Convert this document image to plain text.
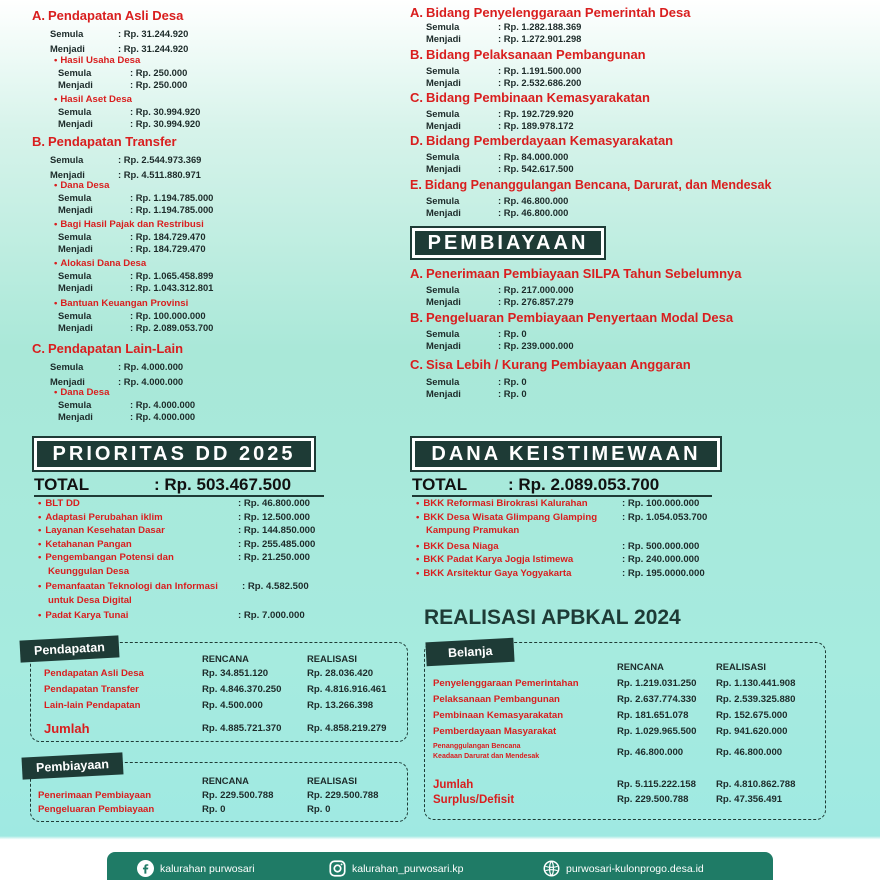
A. Pendapatan Asli Desa
Semula	: Rp. 31.244.920
Menjadi	: Rp. 31.244.920
• Hasil Usaha Desa
Semula	: Rp. 250.000
Menjadi	: Rp. 250.000
• Hasil Aset Desa
Semula	: Rp. 30.994.920
Menjadi	: Rp. 30.994.920
B. Pendapatan Transfer
Semula	: Rp. 2.544.973.369
Menjadi	: Rp. 4.511.880.971
• Dana Desa
Semula	: Rp. 1.194.785.000
Menjadi	: Rp. 1.194.785.000
• Bagi Hasil Pajak dan Restribusi
Semula	: Rp. 184.729.470
Menjadi	: Rp. 184.729.470
• Alokasi Dana Desa
Semula	: Rp. 1.065.458.899
Menjadi	: Rp. 1.043.312.801
• Bantuan Keuangan Provinsi
Semula	: Rp. 100.000.000
Menjadi	: Rp. 2.089.053.700
C. Pendapatan Lain-Lain
Semula	: Rp. 4.000.000
Menjadi	: Rp. 4.000.000
• Dana Desa
Semula	: Rp. 4.000.000
Menjadi	: Rp. 4.000.000
A. Bidang Penyelenggaraan Pemerintah Desa
Semula	: Rp. 1.282.188.369
Menjadi	: Rp. 1.272.901.298
B. Bidang Pelaksanaan Pembangunan
Semula	: Rp. 1.191.500.000
Menjadi	: Rp. 2.532.686.200
C. Bidang Pembinaan Kemasyarakatan
Semula	: Rp. 192.729.920
Menjadi	: Rp. 189.978.172
D. Bidang Pemberdayaan Kemasyarakatan
Semula	: Rp. 84.000.000
Menjadi	: Rp. 542.617.500
E. Bidang Penanggulangan Bencana, Darurat, dan Mendesak
Semula	: Rp. 46.800.000
Menjadi	: Rp. 46.800.000
A. Penerimaan Pembiayaan SILPA Tahun Sebelumnya
Semula	: Rp. 217.000.000
Menjadi	: Rp. 276.857.279
B. Pengeluaran Pembiayaan Penyertaan Modal Desa
Semula	: Rp. 0
Menjadi	: Rp. 239.000.000
C. Sisa Lebih / Kurang Pembiayaan Anggaran
Semula	: Rp. 0
Menjadi	: Rp. 0
PEMBIAYAAN
PRIORITAS DD 2025
TOTAL	: Rp. 503.467.500
• BLT DD	: Rp. 46.800.000
• Adaptasi Perubahan iklim	: Rp. 12.500.000
• Layanan Kesehatan Dasar	: Rp. 144.850.000
• Ketahanan Pangan	: Rp. 255.485.000
• Pengembangan Potensi dan
Keunggulan Desa
: Rp. 21.250.000
• Pemanfaatan Teknologi dan Informasi
untuk Desa Digital
: Rp. 4.582.500
• Padat Karya Tunai	: Rp. 7.000.000
DANA KEISTIMEWAAN
TOTAL	: Rp. 2.089.053.700
• BKK Reformasi Birokrasi Kalurahan	: Rp. 100.000.000
• BKK Desa Wisata Glimpang Glamping
Kampung Pramukan
: Rp. 1.054.053.700
• BKK Desa Niaga	: Rp. 500.000.000
• BKK Padat Karya Jogja Istimewa	: Rp. 240.000.000
• BKK Arsitektur Gaya Yogyakarta	: Rp. 195.0000.000
REALISASI APBKAL 2024
Pendapatan
RENCANA	REALISASI
Pendapatan Asli Desa	Rp. 34.851.120	Rp. 28.036.420
Pendapatan Transfer	Rp. 4.846.370.250	Rp. 4.816.916.461
Lain-lain Pendapatan	Rp. 4.500.000	Rp. 13.266.398
Jumlah	Rp. 4.885.721.370	Rp. 4.858.219.279
Pembiayaan
RENCANA	REALISASI
Penerimaan Pembiayaan	Rp. 229.500.788	Rp. 229.500.788
Pengeluaran Pembiayaan	Rp. 0	Rp. 0
Belanja
RENCANA	REALISASI
Penyelenggaraan Pemerintahan	Rp. 1.219.031.250	Rp. 1.130.441.908
Pelaksanaan Pembangunan	Rp. 2.637.774.330	Rp. 2.539.325.880
Pembinaan Kemasyarakatan	Rp. 181.651.078	Rp. 152.675.000
Pemberdayaan Masyarakat	Rp. 1.029.965.500	Rp. 941.620.000
Penanggulangan Bencana
Keadaan Darurat dan Mendesak	Rp. 46.800.000	Rp. 46.800.000
Jumlah	Rp. 5.115.222.158	Rp. 4.810.862.788
Surplus/Defisit	Rp. 229.500.788	Rp. 47.356.491
kalurahan purwosari	kalurahan_purwosari.kp	purwosari-kulonprogo.desa.id
